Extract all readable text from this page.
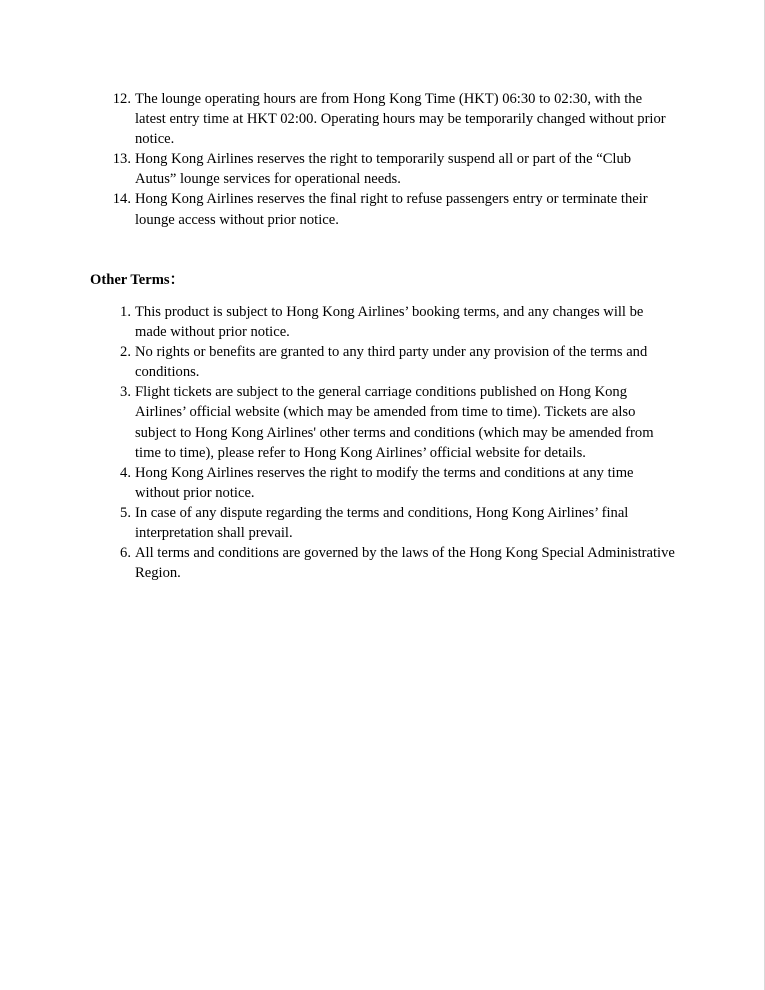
12. The lounge operating hours are from Hong Kong Time (HKT) 06:30 to 02:30, with the latest entry time at HKT 02:00. Operating hours may be temporarily changed without prior notice.
13. Hong Kong Airlines reserves the right to temporarily suspend all or part of the “Club Autus” lounge services for operational needs.
14. Hong Kong Airlines reserves the final right to refuse passengers entry or terminate their lounge access without prior notice.
Other Terms：
1. This product is subject to Hong Kong Airlines’ booking terms, and any changes will be made without prior notice.
2. No rights or benefits are granted to any third party under any provision of the terms and conditions.
3. Flight tickets are subject to the general carriage conditions published on Hong Kong Airlines’ official website (which may be amended from time to time). Tickets are also subject to Hong Kong Airlines' other terms and conditions (which may be amended from time to time), please refer to Hong Kong Airlines’ official website for details.
4. Hong Kong Airlines reserves the right to modify the terms and conditions at any time without prior notice.
5. In case of any dispute regarding the terms and conditions, Hong Kong Airlines’ final interpretation shall prevail.
6. All terms and conditions are governed by the laws of the Hong Kong Special Administrative Region.
